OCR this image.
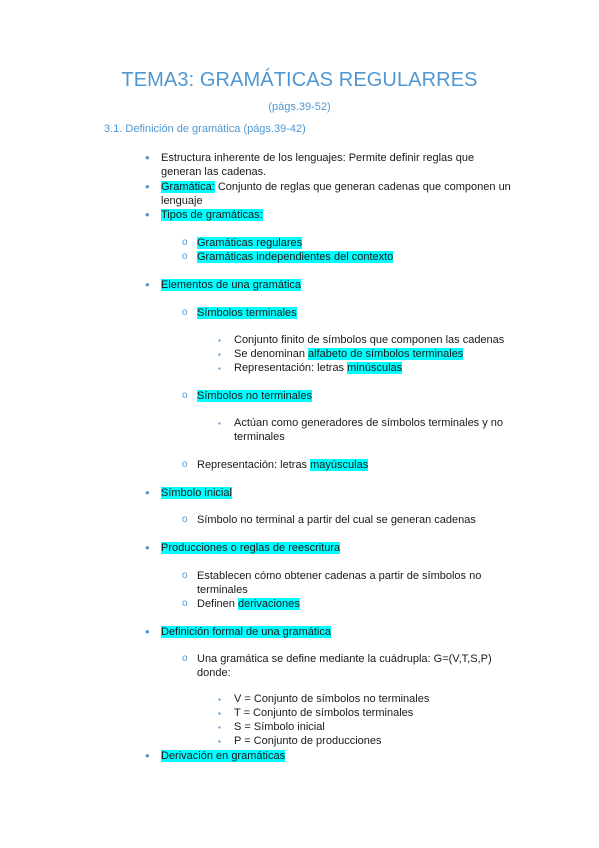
TEMA3: GRAMÁTICAS REGULARRES
(págs.39-52)
3.1. Definición de gramática (págs.39-42)
• Estructura inherente de los lenguajes: Permite definir reglas que
generan las cadenas.
• Gramática: Conjunto de reglas que generan cadenas que componen un
lenguaje
• Tipos de gramáticas:
o Gramáticas regulares
o Gramáticas independientes del contexto
• Elementos de una gramática
o Símbolos terminales
▪ Conjunto finito de símbolos que componen las cadenas
▪ Se denominan alfabeto de símbolos terminales
▪ Representación: letras minúsculas
o Símbolos no terminales
▪ Actúan como generadores de símbolos terminales y no
terminales
o Representación: letras mayúsculas
• Símbolo inicial
o Símbolo no terminal a partir del cual se generan cadenas
• Producciones o reglas de reescritura
o Establecen cómo obtener cadenas a partir de símbolos no
terminales
o Definen derivaciones
• Definición formal de una gramática
o Una gramática se define mediante la cuádrupla: G=(V,T,S,P)
donde:
▪ V = Conjunto de símbolos no terminales
▪ T = Conjunto de símbolos terminales
▪ S = Símbolo inicial
▪ P = Conjunto de producciones
• Derivación en gramáticas
